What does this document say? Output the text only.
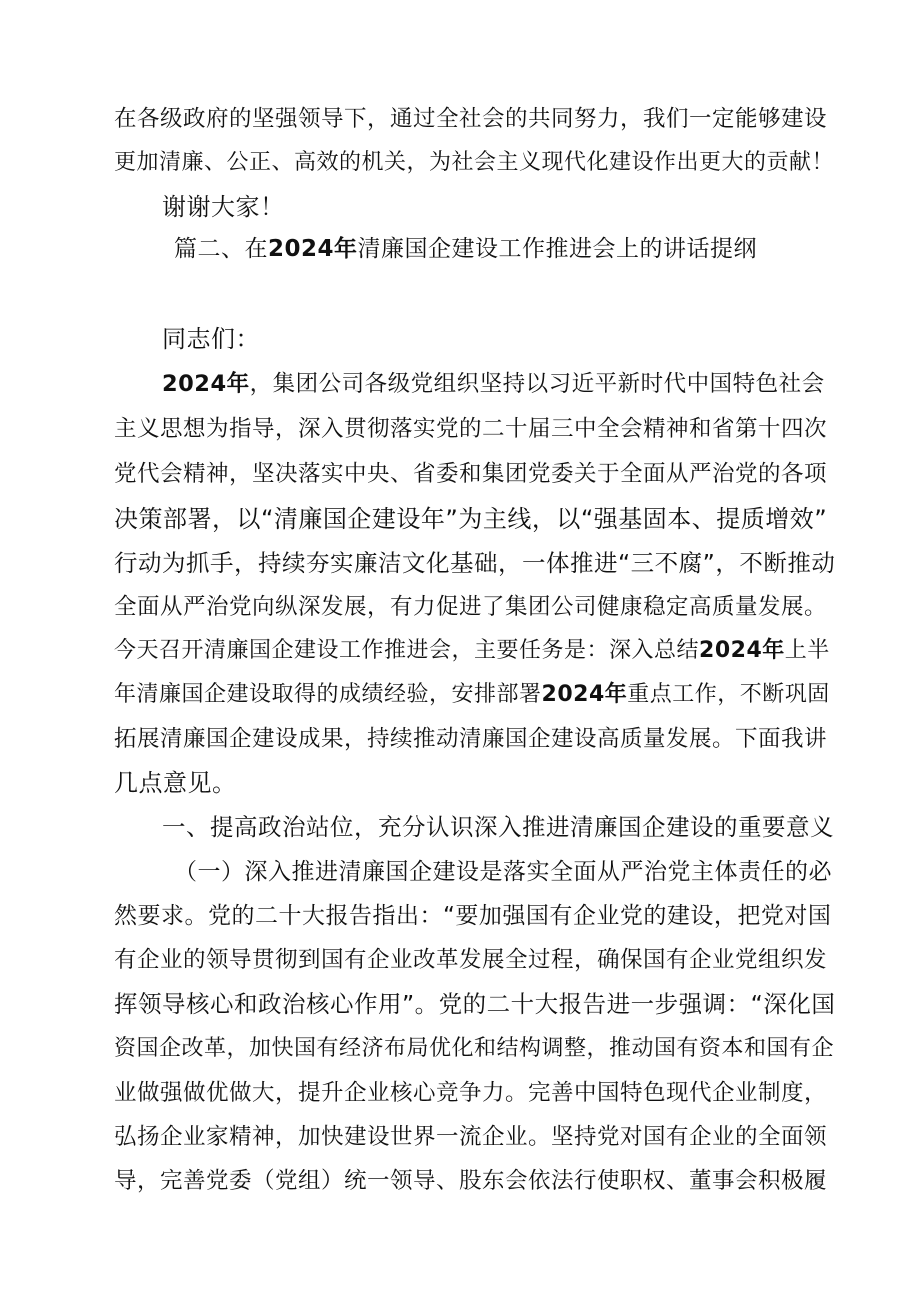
在各级政府的坚强领导下，通过全社会的共同努力，我们一定能够建设
更加清廉、公正、高效的机关，为社会主义现代化建设作出更大的贡献！
谢谢大家！
篇二、在2024年清廉国企建设工作推进会上的讲话提纲
同志们：
2024年，集团公司各级党组织坚持以习近平新时代中国特色社会
主义思想为指导，深入贯彻落实党的二十届三中全会精神和省第十四次
党代会精神，坚决落实中央、省委和集团党委关于全面从严治党的各项
决策部署，以“清廉国企建设年”为主线，以“强基固本、提质增效”
行动为抓手，持续夯实廉洁文化基础，一体推进“三不腐”，不断推动
全面从严治党向纵深发展，有力促进了集团公司健康稳定高质量发展。
今天召开清廉国企建设工作推进会，主要任务是：深入总结2024年上半
年清廉国企建设取得的成绩经验，安排部署2024年重点工作，不断巩固
拓展清廉国企建设成果，持续推动清廉国企建设高质量发展。下面我讲
几点意见。
一、提高政治站位，充分认识深入推进清廉国企建设的重要意义
（一）深入推进清廉国企建设是落实全面从严治党主体责任的必
然要求。党的二十大报告指出：“要加强国有企业党的建设，把党对国
有企业的领导贯彻到国有企业改革发展全过程，确保国有企业党组织发
挥领导核心和政治核心作用”。党的二十大报告进一步强调：“深化国
资国企改革，加快国有经济布局优化和结构调整，推动国有资本和国有企
业做强做优做大，提升企业核心竞争力。完善中国特色现代企业制度，
弘扬企业家精神，加快建设世界一流企业。坚持党对国有企业的全面领
导，完善党委（党组）统一领导、股东会依法行使职权、董事会积极履
